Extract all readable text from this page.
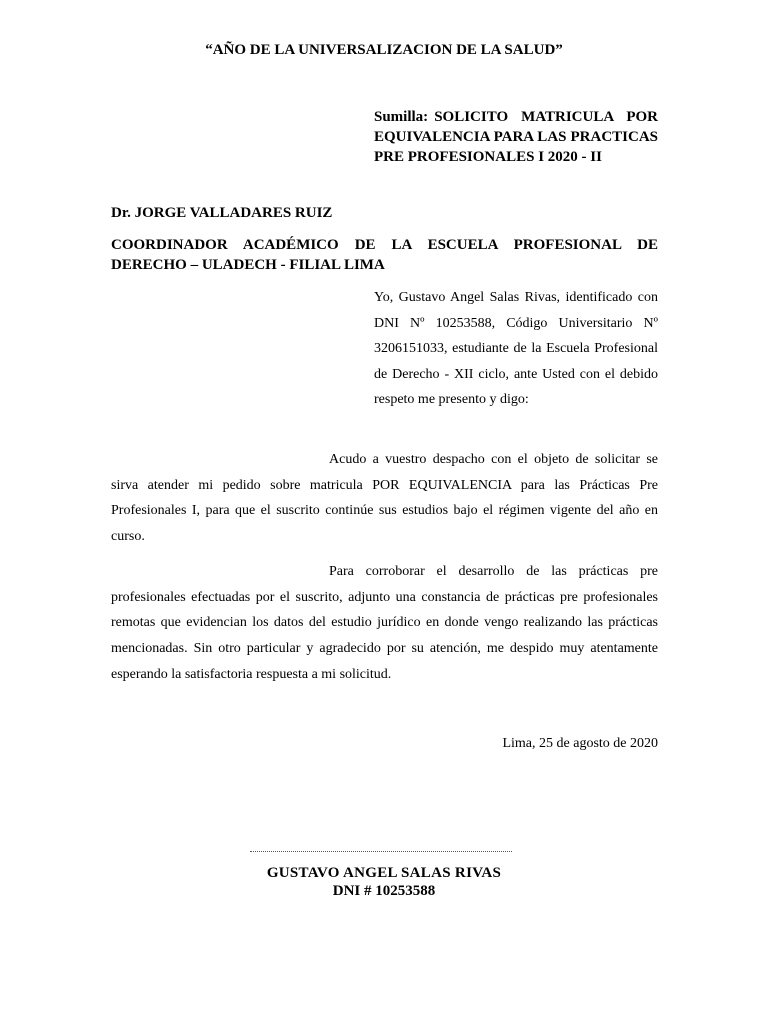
“AÑO DE LA UNIVERSALIZACION DE LA SALUD”
Sumilla: SOLICITO MATRICULA POR EQUIVALENCIA PARA LAS PRACTICAS PRE PROFESIONALES I 2020 - II
Dr. JORGE VALLADARES RUIZ
COORDINADOR ACADÉMICO DE LA ESCUELA PROFESIONAL DE DERECHO – ULADECH - FILIAL LIMA
Yo, Gustavo Angel Salas Rivas, identificado con DNI Nº 10253588, Código Universitario Nº 3206151033, estudiante de la Escuela Profesional de Derecho - XII ciclo, ante Usted con el debido respeto me presento y digo:
Acudo a vuestro despacho con el objeto de solicitar se sirva atender mi pedido sobre matricula POR EQUIVALENCIA para las Prácticas Pre Profesionales I, para que el suscrito continúe sus estudios bajo el régimen vigente del año en curso.
Para corroborar el desarrollo de las prácticas pre profesionales efectuadas por el suscrito, adjunto una constancia de prácticas pre profesionales remotas que evidencian los datos del estudio jurídico en donde vengo realizando las prácticas mencionadas. Sin otro particular y agradecido por su atención, me despido muy atentamente esperando la satisfactoria respuesta a mi solicitud.
Lima, 25 de agosto de 2020
GUSTAVO ANGEL SALAS RIVAS
DNI # 10253588
